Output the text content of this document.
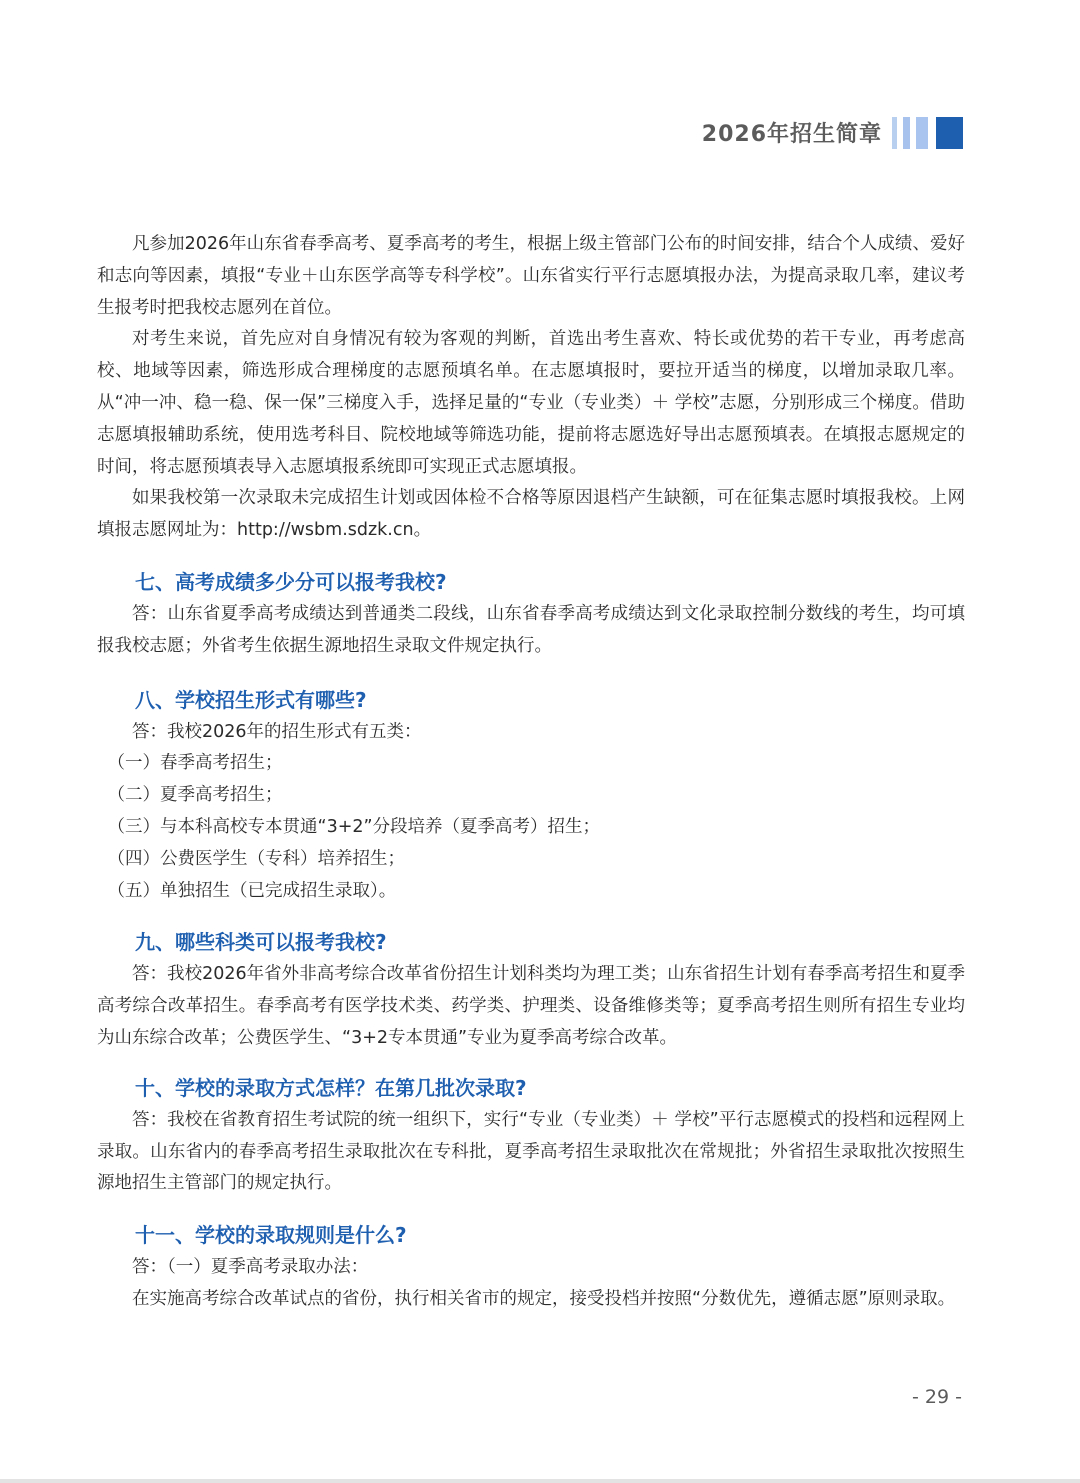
2026年招生简章

凡参加2026年山东省春季高考、夏季高考的考生，根据上级主管部门公布的时间安排，结合个人成绩、爱好和志向等因素，填报“专业＋山东医学高等专科学校”。山东省实行平行志愿填报办法，为提高录取几率，建议考生报考时把我校志愿列在首位。

对考生来说，首先应对自身情况有较为客观的判断，首选出考生喜欢、特长或优势的若干专业，再考虑高校、地域等因素，筛选形成合理梯度的志愿预填名单。在志愿填报时，要拉开适当的梯度，以增加录取几率。从“冲一冲、稳一稳、保一保”三梯度入手，选择足量的“专业（专业类）＋ 学校”志愿，分别形成三个梯度。借助志愿填报辅助系统，使用选考科目、院校地域等筛选功能，提前将志愿选好导出志愿预填表。在填报志愿规定的时间，将志愿预填表导入志愿填报系统即可实现正式志愿填报。

如果我校第一次录取未完成招生计划或因体检不合格等原因退档产生缺额，可在征集志愿时填报我校。上网填报志愿网址为：http://wsbm.sdzk.cn。

七、高考成绩多少分可以报考我校?

答：山东省夏季高考成绩达到普通类二段线，山东省春季高考成绩达到文化录取控制分数线的考生，均可填报我校志愿；外省考生依据生源地招生录取文件规定执行。

八、学校招生形式有哪些?

答：我校2026年的招生形式有五类：

（一）春季高考招生；

（二）夏季高考招生；

（三）与本科高校专本贯通“3+2”分段培养（夏季高考）招生；

（四）公费医学生（专科）培养招生；

（五）单独招生（已完成招生录取）。

九、哪些科类可以报考我校?

答：我校2026年省外非高考综合改革省份招生计划科类均为理工类；山东省招生计划有春季高考招生和夏季高考综合改革招生。春季高考有医学技术类、药学类、护理类、设备维修类等；夏季高考招生则所有招生专业均为山东综合改革；公费医学生、“3+2专本贯通”专业为夏季高考综合改革。

十、学校的录取方式怎样？在第几批次录取?

答：我校在省教育招生考试院的统一组织下，实行“专业（专业类）＋ 学校”平行志愿模式的投档和远程网上录取。山东省内的春季高考招生录取批次在专科批，夏季高考招生录取批次在常规批；外省招生录取批次按照生源地招生主管部门的规定执行。

十一、学校的录取规则是什么?

答：（一）夏季高考录取办法：

在实施高考综合改革试点的省份，执行相关省市的规定，接受投档并按照“分数优先，遵循志愿”原则录取。

- 29 -
